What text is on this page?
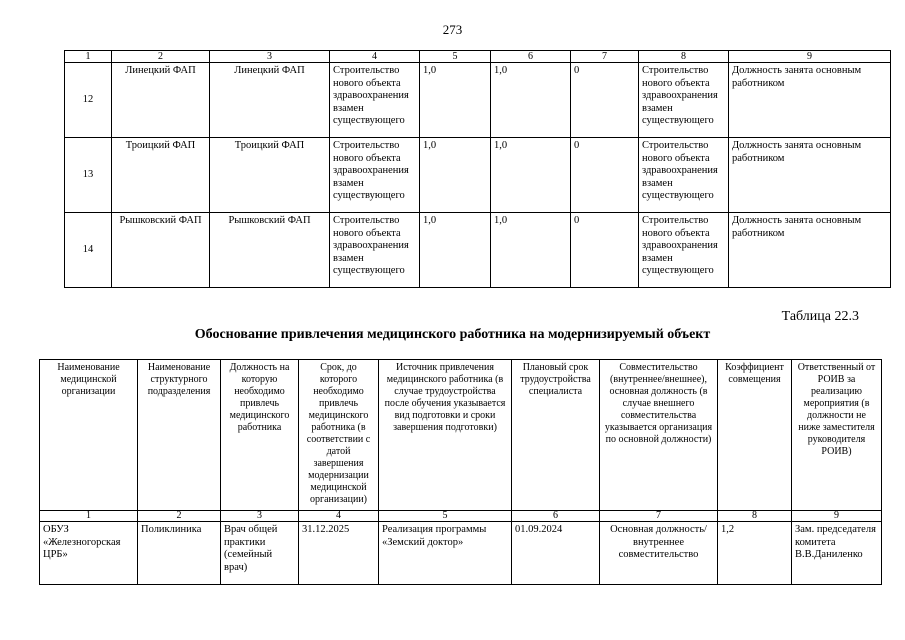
273
1	2	3	4	5	6	7	8	9
12	Линецкий ФАП	Линецкий ФАП	Строительство нового объекта здравоохранения взамен существующего	1,0	1,0	0	Строительство нового объекта здравоохранения взамен существующего	Должность занята основным работником
13	Троицкий ФАП	Троицкий ФАП	Строительство нового объекта здравоохранения взамен существующего	1,0	1,0	0	Строительство нового объекта здравоохранения взамен существующего	Должность занята основным работником
14	Рышковский ФАП	Рышковский ФАП	Строительство нового объекта здравоохранения взамен существующего	1,0	1,0	0	Строительство нового объекта здравоохранения взамен существующего	Должность занята основным работником
Таблица 22.3
Обоснование привлечения медицинского работника на модернизируемый объект
Наименование медицинской организации	Наименование структурного подразделения	Должность на которую необходимо привлечь медицинского работника	Срок, до которого необходимо привлечь медицинского работника (в соответствии с датой завершения модернизации медицинской организации)	Источник привлечения медицинского работника (в случае трудоустройства после обучения указывается вид подготовки и сроки завершения подготовки)	Плановый срок трудоустройства специалиста	Совместительство (внутреннее/внешнее), основная должность (в случае внешнего совместительства указывается организация по основной должности)	Коэффициент совмещения	Ответственный от РОИВ за реализацию мероприятия (в должности не ниже заместителя руководителя РОИВ)
1	2	3	4	5	6	7	8	9
ОБУЗ «Железногорская ЦРБ»	Поликлиника	Врач общей практики (семейный врач)	31.12.2025	Реализация программы «Земский доктор»	01.09.2024	Основная должность/внутреннее совместительство	1,2	Зам. председателя комитета В.В.Даниленко
